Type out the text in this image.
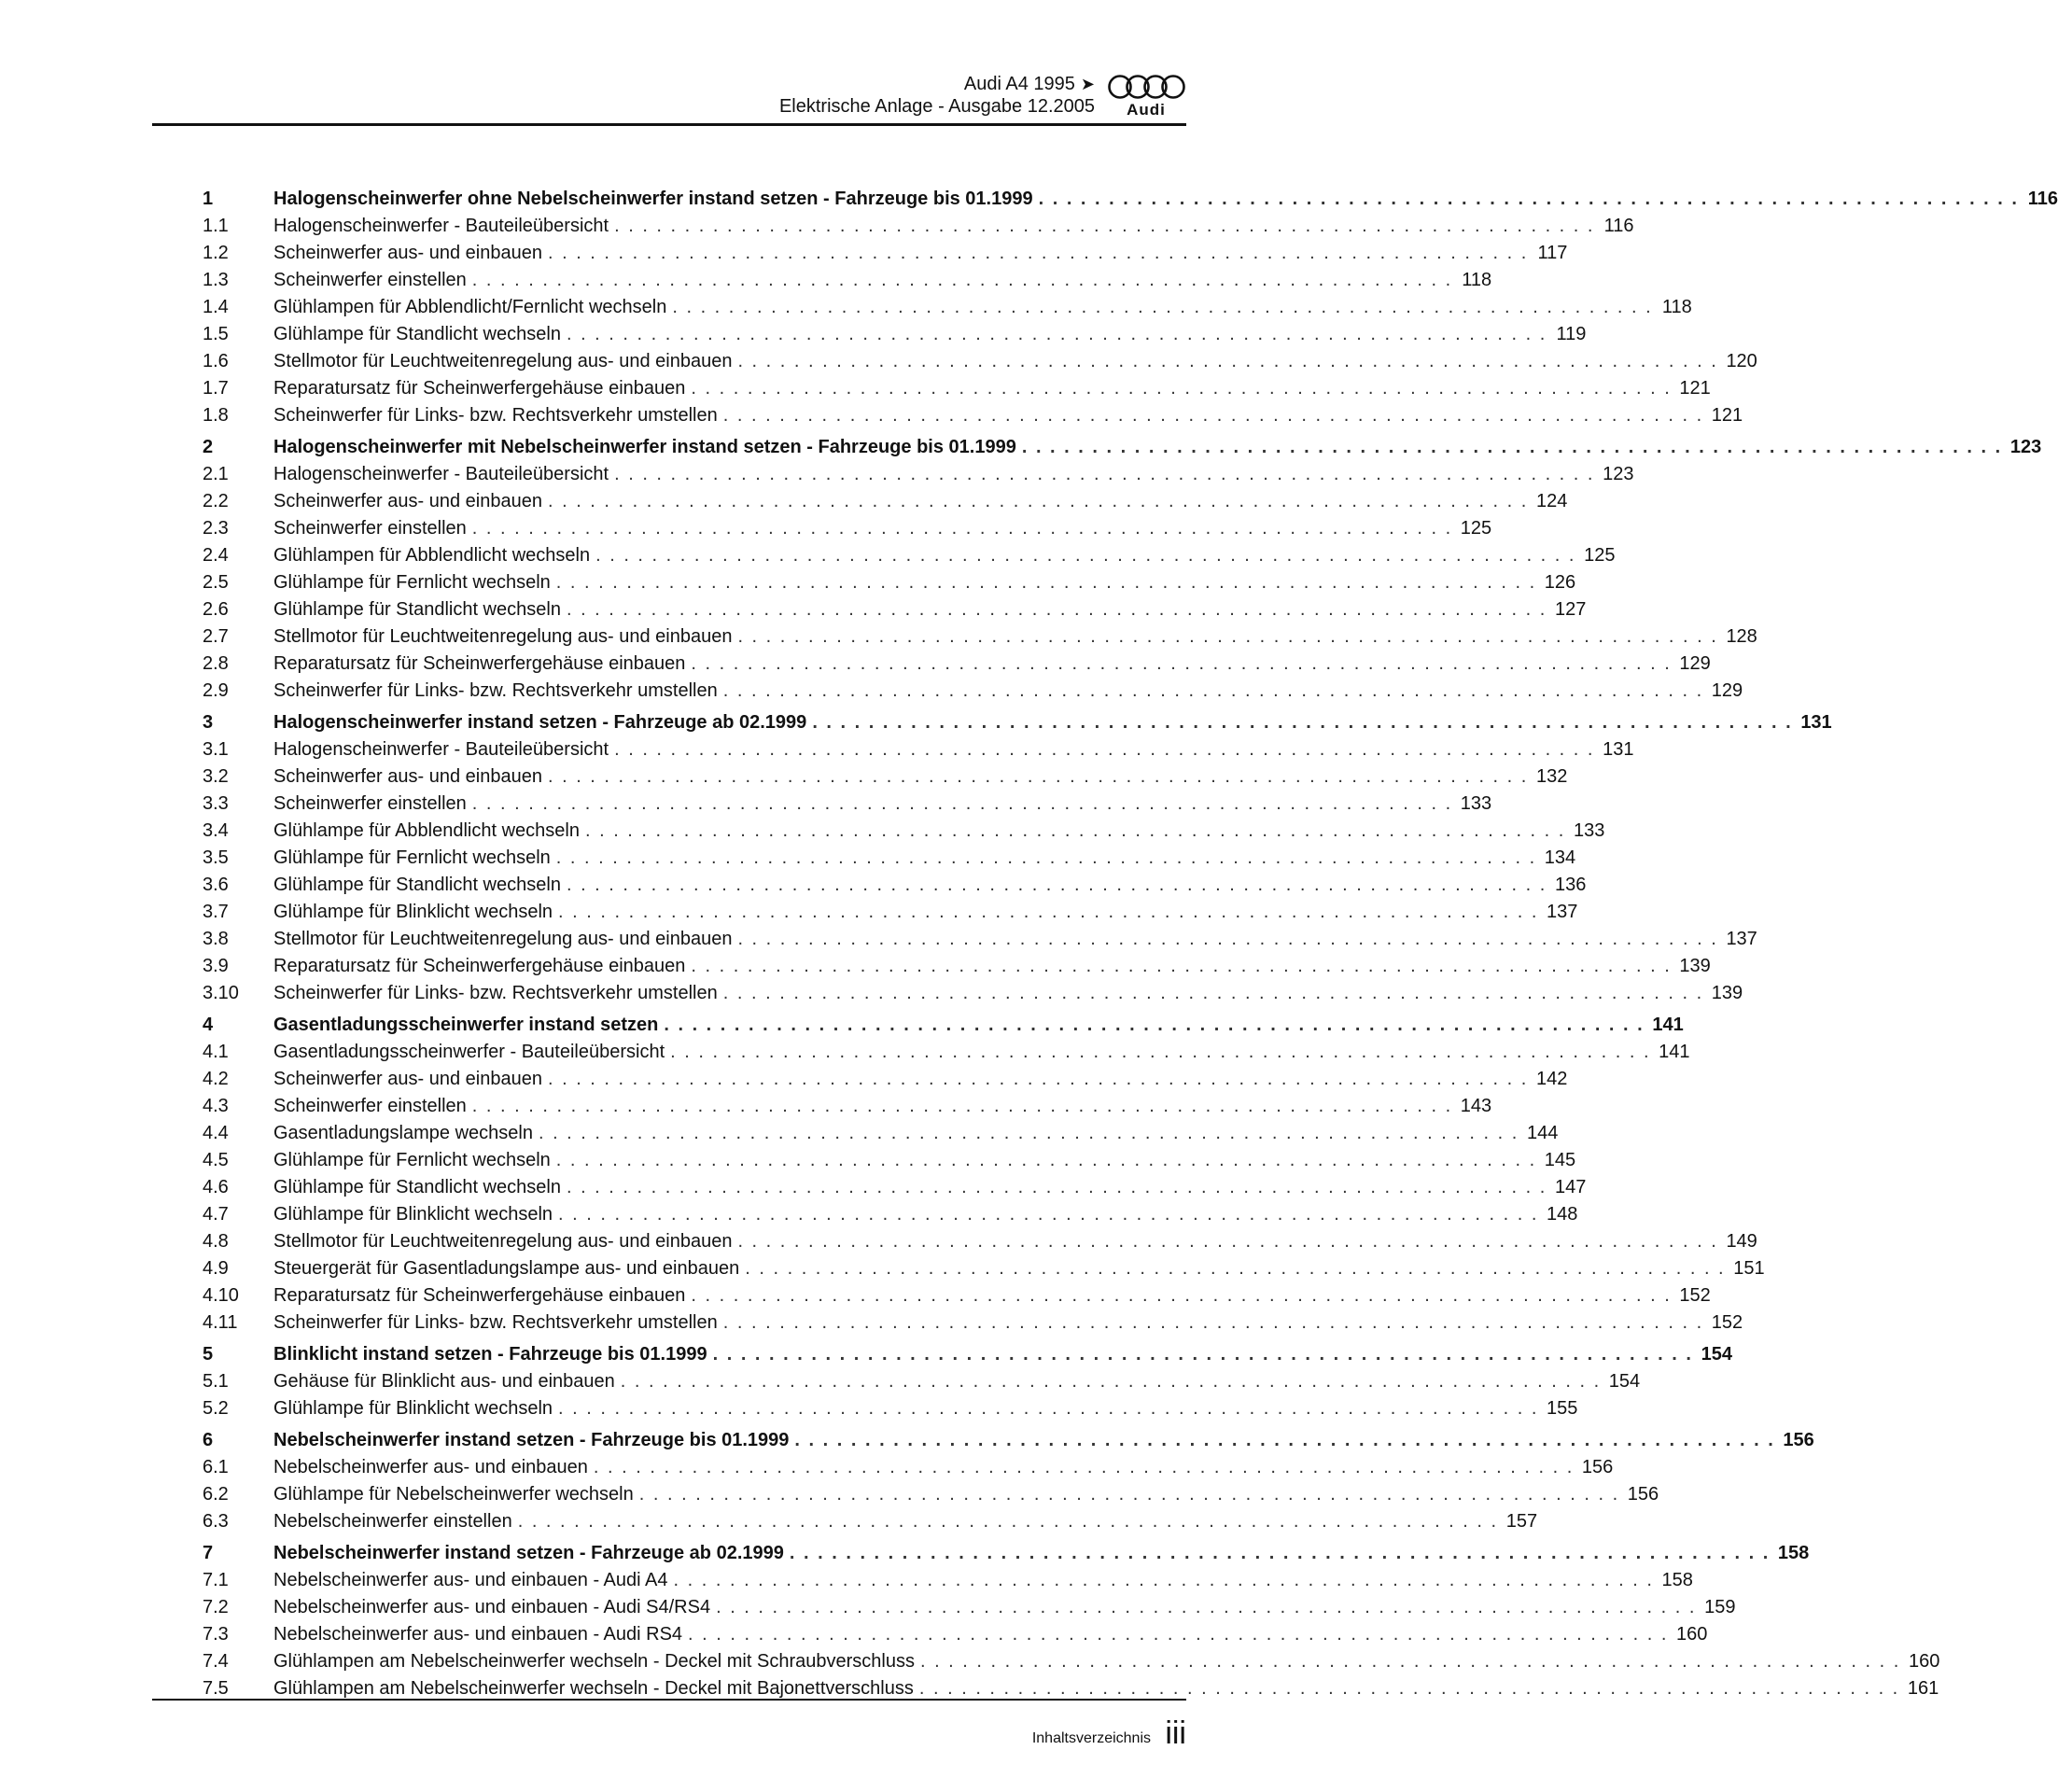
Audi A4 1995 ➤
Elektrische Anlage - Ausgabe 12.2005	Audi
1	Halogenscheinwerfer ohne Nebelscheinwerfer instand setzen - Fahrzeuge bis 01.1999 . . . . . . . . . . . . . . . . . . . . . . . . . . . . . . . . . . . . . . . . . . . . . . . . . . . . . . . . . . . . . . . . . . . . . . 116
1.1	Halogenscheinwerfer - Bauteileübersicht . . . . . . . . . . . . . . . . . . . . . . . . . . . . . . . . . . . . . . . . . . . . . . . . . . . . . . . . . . . . . . . . . . . . . . 116
1.2	Scheinwerfer aus- und einbauen . . . . . . . . . . . . . . . . . . . . . . . . . . . . . . . . . . . . . . . . . . . . . . . . . . . . . . . . . . . . . . . . . . . . . . 117
1.3	Scheinwerfer einstellen . . . . . . . . . . . . . . . . . . . . . . . . . . . . . . . . . . . . . . . . . . . . . . . . . . . . . . . . . . . . . . . . . . . . . . 118
1.4	Glühlampen für Abblendlicht/Fernlicht wechseln . . . . . . . . . . . . . . . . . . . . . . . . . . . . . . . . . . . . . . . . . . . . . . . . . . . . . . . . . . . . . . . . . . . . . . 118
1.5	Glühlampe für Standlicht wechseln . . . . . . . . . . . . . . . . . . . . . . . . . . . . . . . . . . . . . . . . . . . . . . . . . . . . . . . . . . . . . . . . . . . . . . 119
1.6	Stellmotor für Leuchtweitenregelung aus- und einbauen . . . . . . . . . . . . . . . . . . . . . . . . . . . . . . . . . . . . . . . . . . . . . . . . . . . . . . . . . . . . . . . . . . . . . . 120
1.7	Reparatursatz für Scheinwerfergehäuse einbauen . . . . . . . . . . . . . . . . . . . . . . . . . . . . . . . . . . . . . . . . . . . . . . . . . . . . . . . . . . . . . . . . . . . . . . 121
1.8	Scheinwerfer für Links- bzw. Rechtsverkehr umstellen . . . . . . . . . . . . . . . . . . . . . . . . . . . . . . . . . . . . . . . . . . . . . . . . . . . . . . . . . . . . . . . . . . . . . . 121
2	Halogenscheinwerfer mit Nebelscheinwerfer instand setzen - Fahrzeuge bis 01.1999 . . . . . . . . . . . . . . . . . . . . . . . . . . . . . . . . . . . . . . . . . . . . . . . . . . . . . . . . . . . . . . . . . . . . . . 123
2.1	Halogenscheinwerfer - Bauteileübersicht . . . . . . . . . . . . . . . . . . . . . . . . . . . . . . . . . . . . . . . . . . . . . . . . . . . . . . . . . . . . . . . . . . . . . . 123
2.2	Scheinwerfer aus- und einbauen . . . . . . . . . . . . . . . . . . . . . . . . . . . . . . . . . . . . . . . . . . . . . . . . . . . . . . . . . . . . . . . . . . . . . . 124
2.3	Scheinwerfer einstellen . . . . . . . . . . . . . . . . . . . . . . . . . . . . . . . . . . . . . . . . . . . . . . . . . . . . . . . . . . . . . . . . . . . . . . 125
2.4	Glühlampen für Abblendlicht wechseln . . . . . . . . . . . . . . . . . . . . . . . . . . . . . . . . . . . . . . . . . . . . . . . . . . . . . . . . . . . . . . . . . . . . . . 125
2.5	Glühlampe für Fernlicht wechseln . . . . . . . . . . . . . . . . . . . . . . . . . . . . . . . . . . . . . . . . . . . . . . . . . . . . . . . . . . . . . . . . . . . . . . 126
2.6	Glühlampe für Standlicht wechseln . . . . . . . . . . . . . . . . . . . . . . . . . . . . . . . . . . . . . . . . . . . . . . . . . . . . . . . . . . . . . . . . . . . . . . 127
2.7	Stellmotor für Leuchtweitenregelung aus- und einbauen . . . . . . . . . . . . . . . . . . . . . . . . . . . . . . . . . . . . . . . . . . . . . . . . . . . . . . . . . . . . . . . . . . . . . . 128
2.8	Reparatursatz für Scheinwerfergehäuse einbauen . . . . . . . . . . . . . . . . . . . . . . . . . . . . . . . . . . . . . . . . . . . . . . . . . . . . . . . . . . . . . . . . . . . . . . 129
2.9	Scheinwerfer für Links- bzw. Rechtsverkehr umstellen . . . . . . . . . . . . . . . . . . . . . . . . . . . . . . . . . . . . . . . . . . . . . . . . . . . . . . . . . . . . . . . . . . . . . . 129
3	Halogenscheinwerfer instand setzen - Fahrzeuge ab 02.1999 . . . . . . . . . . . . . . . . . . . . . . . . . . . . . . . . . . . . . . . . . . . . . . . . . . . . . . . . . . . . . . . . . . . . . . 131
3.1	Halogenscheinwerfer - Bauteileübersicht . . . . . . . . . . . . . . . . . . . . . . . . . . . . . . . . . . . . . . . . . . . . . . . . . . . . . . . . . . . . . . . . . . . . . . 131
3.2	Scheinwerfer aus- und einbauen . . . . . . . . . . . . . . . . . . . . . . . . . . . . . . . . . . . . . . . . . . . . . . . . . . . . . . . . . . . . . . . . . . . . . . 132
3.3	Scheinwerfer einstellen . . . . . . . . . . . . . . . . . . . . . . . . . . . . . . . . . . . . . . . . . . . . . . . . . . . . . . . . . . . . . . . . . . . . . . 133
3.4	Glühlampe für Abblendlicht wechseln . . . . . . . . . . . . . . . . . . . . . . . . . . . . . . . . . . . . . . . . . . . . . . . . . . . . . . . . . . . . . . . . . . . . . . 133
3.5	Glühlampe für Fernlicht wechseln . . . . . . . . . . . . . . . . . . . . . . . . . . . . . . . . . . . . . . . . . . . . . . . . . . . . . . . . . . . . . . . . . . . . . . 134
3.6	Glühlampe für Standlicht wechseln . . . . . . . . . . . . . . . . . . . . . . . . . . . . . . . . . . . . . . . . . . . . . . . . . . . . . . . . . . . . . . . . . . . . . . 136
3.7	Glühlampe für Blinklicht wechseln . . . . . . . . . . . . . . . . . . . . . . . . . . . . . . . . . . . . . . . . . . . . . . . . . . . . . . . . . . . . . . . . . . . . . . 137
3.8	Stellmotor für Leuchtweitenregelung aus- und einbauen . . . . . . . . . . . . . . . . . . . . . . . . . . . . . . . . . . . . . . . . . . . . . . . . . . . . . . . . . . . . . . . . . . . . . . 137
3.9	Reparatursatz für Scheinwerfergehäuse einbauen . . . . . . . . . . . . . . . . . . . . . . . . . . . . . . . . . . . . . . . . . . . . . . . . . . . . . . . . . . . . . . . . . . . . . . 139
3.10	Scheinwerfer für Links- bzw. Rechtsverkehr umstellen . . . . . . . . . . . . . . . . . . . . . . . . . . . . . . . . . . . . . . . . . . . . . . . . . . . . . . . . . . . . . . . . . . . . . . 139
4	Gasentladungsscheinwerfer instand setzen . . . . . . . . . . . . . . . . . . . . . . . . . . . . . . . . . . . . . . . . . . . . . . . . . . . . . . . . . . . . . . . . . . . . . . 141
4.1	Gasentladungsscheinwerfer - Bauteileübersicht . . . . . . . . . . . . . . . . . . . . . . . . . . . . . . . . . . . . . . . . . . . . . . . . . . . . . . . . . . . . . . . . . . . . . . 141
4.2	Scheinwerfer aus- und einbauen . . . . . . . . . . . . . . . . . . . . . . . . . . . . . . . . . . . . . . . . . . . . . . . . . . . . . . . . . . . . . . . . . . . . . . 142
4.3	Scheinwerfer einstellen . . . . . . . . . . . . . . . . . . . . . . . . . . . . . . . . . . . . . . . . . . . . . . . . . . . . . . . . . . . . . . . . . . . . . . 143
4.4	Gasentladungslampe wechseln . . . . . . . . . . . . . . . . . . . . . . . . . . . . . . . . . . . . . . . . . . . . . . . . . . . . . . . . . . . . . . . . . . . . . . 144
4.5	Glühlampe für Fernlicht wechseln . . . . . . . . . . . . . . . . . . . . . . . . . . . . . . . . . . . . . . . . . . . . . . . . . . . . . . . . . . . . . . . . . . . . . . 145
4.6	Glühlampe für Standlicht wechseln . . . . . . . . . . . . . . . . . . . . . . . . . . . . . . . . . . . . . . . . . . . . . . . . . . . . . . . . . . . . . . . . . . . . . . 147
4.7	Glühlampe für Blinklicht wechseln . . . . . . . . . . . . . . . . . . . . . . . . . . . . . . . . . . . . . . . . . . . . . . . . . . . . . . . . . . . . . . . . . . . . . . 148
4.8	Stellmotor für Leuchtweitenregelung aus- und einbauen . . . . . . . . . . . . . . . . . . . . . . . . . . . . . . . . . . . . . . . . . . . . . . . . . . . . . . . . . . . . . . . . . . . . . . 149
4.9	Steuergerät für Gasentladungslampe aus- und einbauen . . . . . . . . . . . . . . . . . . . . . . . . . . . . . . . . . . . . . . . . . . . . . . . . . . . . . . . . . . . . . . . . . . . . . . 151
4.10	Reparatursatz für Scheinwerfergehäuse einbauen . . . . . . . . . . . . . . . . . . . . . . . . . . . . . . . . . . . . . . . . . . . . . . . . . . . . . . . . . . . . . . . . . . . . . . 152
4.11	Scheinwerfer für Links- bzw. Rechtsverkehr umstellen . . . . . . . . . . . . . . . . . . . . . . . . . . . . . . . . . . . . . . . . . . . . . . . . . . . . . . . . . . . . . . . . . . . . . . 152
5	Blinklicht instand setzen - Fahrzeuge bis 01.1999 . . . . . . . . . . . . . . . . . . . . . . . . . . . . . . . . . . . . . . . . . . . . . . . . . . . . . . . . . . . . . . . . . . . . . . 154
5.1	Gehäuse für Blinklicht aus- und einbauen . . . . . . . . . . . . . . . . . . . . . . . . . . . . . . . . . . . . . . . . . . . . . . . . . . . . . . . . . . . . . . . . . . . . . . 154
5.2	Glühlampe für Blinklicht wechseln . . . . . . . . . . . . . . . . . . . . . . . . . . . . . . . . . . . . . . . . . . . . . . . . . . . . . . . . . . . . . . . . . . . . . . 155
6	Nebelscheinwerfer instand setzen - Fahrzeuge bis 01.1999 . . . . . . . . . . . . . . . . . . . . . . . . . . . . . . . . . . . . . . . . . . . . . . . . . . . . . . . . . . . . . . . . . . . . . . 156
6.1	Nebelscheinwerfer aus- und einbauen . . . . . . . . . . . . . . . . . . . . . . . . . . . . . . . . . . . . . . . . . . . . . . . . . . . . . . . . . . . . . . . . . . . . . . 156
6.2	Glühlampe für Nebelscheinwerfer wechseln . . . . . . . . . . . . . . . . . . . . . . . . . . . . . . . . . . . . . . . . . . . . . . . . . . . . . . . . . . . . . . . . . . . . . . 156
6.3	Nebelscheinwerfer einstellen . . . . . . . . . . . . . . . . . . . . . . . . . . . . . . . . . . . . . . . . . . . . . . . . . . . . . . . . . . . . . . . . . . . . . . 157
7	Nebelscheinwerfer instand setzen - Fahrzeuge ab 02.1999 . . . . . . . . . . . . . . . . . . . . . . . . . . . . . . . . . . . . . . . . . . . . . . . . . . . . . . . . . . . . . . . . . . . . . . 158
7.1	Nebelscheinwerfer aus- und einbauen - Audi A4 . . . . . . . . . . . . . . . . . . . . . . . . . . . . . . . . . . . . . . . . . . . . . . . . . . . . . . . . . . . . . . . . . . . . . . 158
7.2	Nebelscheinwerfer aus- und einbauen - Audi S4/RS4 . . . . . . . . . . . . . . . . . . . . . . . . . . . . . . . . . . . . . . . . . . . . . . . . . . . . . . . . . . . . . . . . . . . . . . 159
7.3	Nebelscheinwerfer aus- und einbauen - Audi RS4 . . . . . . . . . . . . . . . . . . . . . . . . . . . . . . . . . . . . . . . . . . . . . . . . . . . . . . . . . . . . . . . . . . . . . . 160
7.4	Glühlampen am Nebelscheinwerfer wechseln - Deckel mit Schraubverschluss . . . . . . . . . . . . . . . . . . . . . . . . . . . . . . . . . . . . . . . . . . . . . . . . . . . . . . . . . . . . . . . . . . . . . . 160
7.5	Glühlampen am Nebelscheinwerfer wechseln - Deckel mit Bajonettverschluss . . . . . . . . . . . . . . . . . . . . . . . . . . . . . . . . . . . . . . . . . . . . . . . . . . . . . . . . . . . . . . . . . . . . . . 161
Inhaltsverzeichnis iii
